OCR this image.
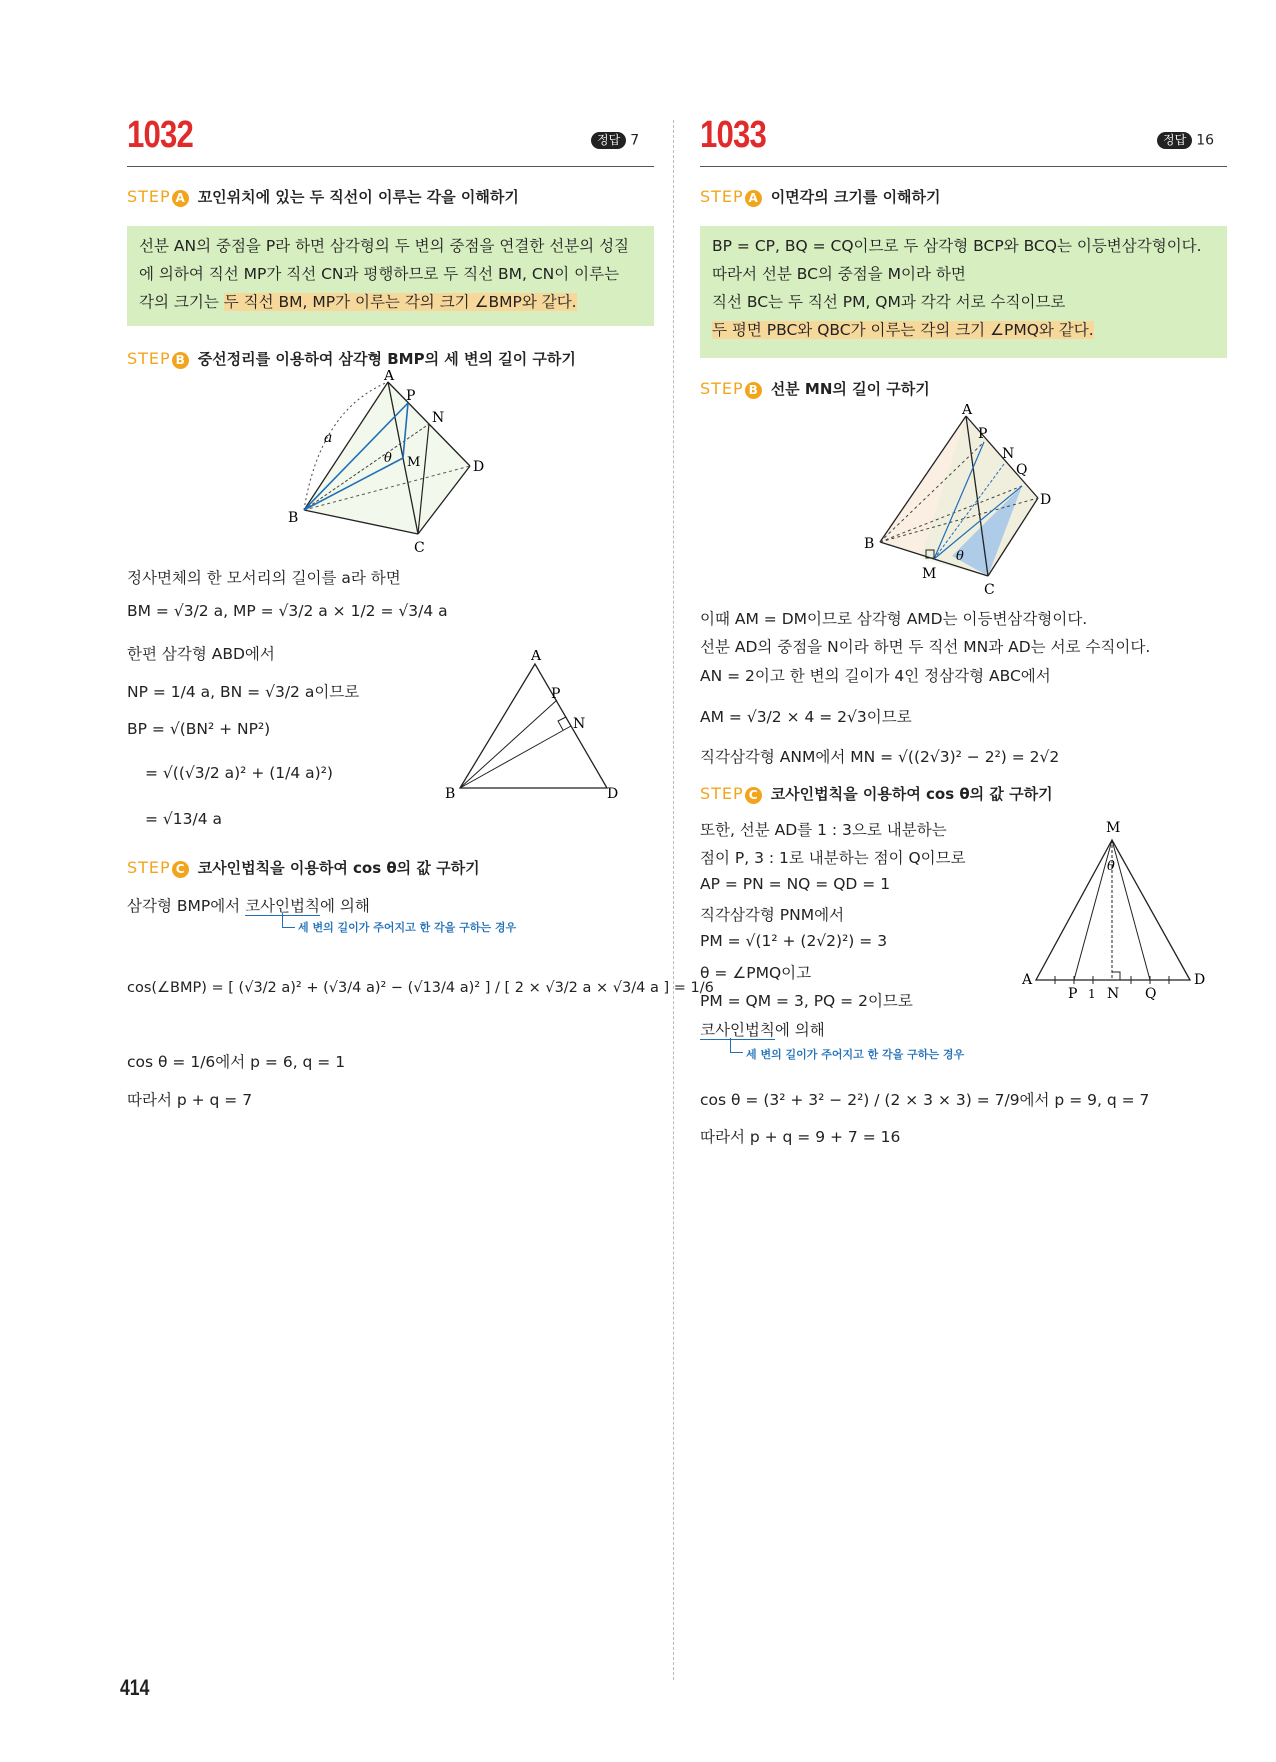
1032	정답 7
STEP A 꼬인위치에 있는 두 직선이 이루는 각을 이해하기
선분 AN의 중점을 P라 하면 삼각형의 두 변의 중점을 연결한 선분의 성질
에 의하여 직선 MP가 직선 CN과 평행하므로 두 직선 BM, CN이 이루는
각의 크기는 두 직선 BM, MP가 이루는 각의 크기 ∠BMP와 같다.
STEP B 중선정리를 이용하여 삼각형 BMP의 세 변의 길이 구하기
A
P
N
M	D
B
C
a
θ
정사면체의 한 모서리의 길이를 a라 하면
BM = √3/2 a, MP = √3/2 a × 1/2 = √3/4 a
한편 삼각형 ABD에서
NP = 1/4 a, BN = √3/2 a이므로
BP = √(BN² + NP²)
= √((√3/2 a)² + (1/4 a)²)
= √13/4 a
A
P
N
B	D
STEP C 코사인법칙을 이용하여 cos θ의 값 구하기
삼각형 BMP에서 코사인법칙에 의해
세 변의 길이가 주어지고 한 각을 구하는 경우
cos(∠BMP) = [ (√3/2 a)² + (√3/4 a)² − (√13/4 a)² ] / [ 2 × √3/2 a × √3/4 a ] = 1/6
cos θ = 1/6에서 p = 6, q = 1
따라서 p + q = 7
1033	정답 16
STEP A 이면각의 크기를 이해하기
BP = CP, BQ = CQ이므로 두 삼각형 BCP와 BCQ는 이등변삼각형이다.
따라서 선분 BC의 중점을 M이라 하면
직선 BC는 두 직선 PM, QM과 각각 서로 수직이므로
두 평면 PBC와 QBC가 이루는 각의 크기 ∠PMQ와 같다.
STEP B 선분 MN의 길이 구하기
A
P
N
Q
D
B
M
C
θ
이때 AM = DM이므로 삼각형 AMD는 이등변삼각형이다.
선분 AD의 중점을 N이라 하면 두 직선 MN과 AD는 서로 수직이다.
AN = 2이고 한 변의 길이가 4인 정삼각형 ABC에서
AM = √3/2 × 4 = 2√3이므로
직각삼각형 ANM에서 MN = √((2√3)² − 2²) = 2√2
STEP C 코사인법칙을 이용하여 cos θ의 값 구하기
또한, 선분 AD를 1 : 3으로 내분하는
점이 P, 3 : 1로 내분하는 점이 Q이므로
AP = PN = NQ = QD = 1
직각삼각형 PNM에서
PM = √(1² + (2√2)²) = 3
θ = ∠PMQ이고
PM = QM = 3, PQ = 2이므로
코사인법칙에 의해
세 변의 길이가 주어지고 한 각을 구하는 경우
cos θ = (3² + 3² − 2²) / (2 × 3 × 3) = 7/9에서 p = 9, q = 7
따라서 p + q = 9 + 7 = 16
M
A
P 1 N Q
D
θ
414
